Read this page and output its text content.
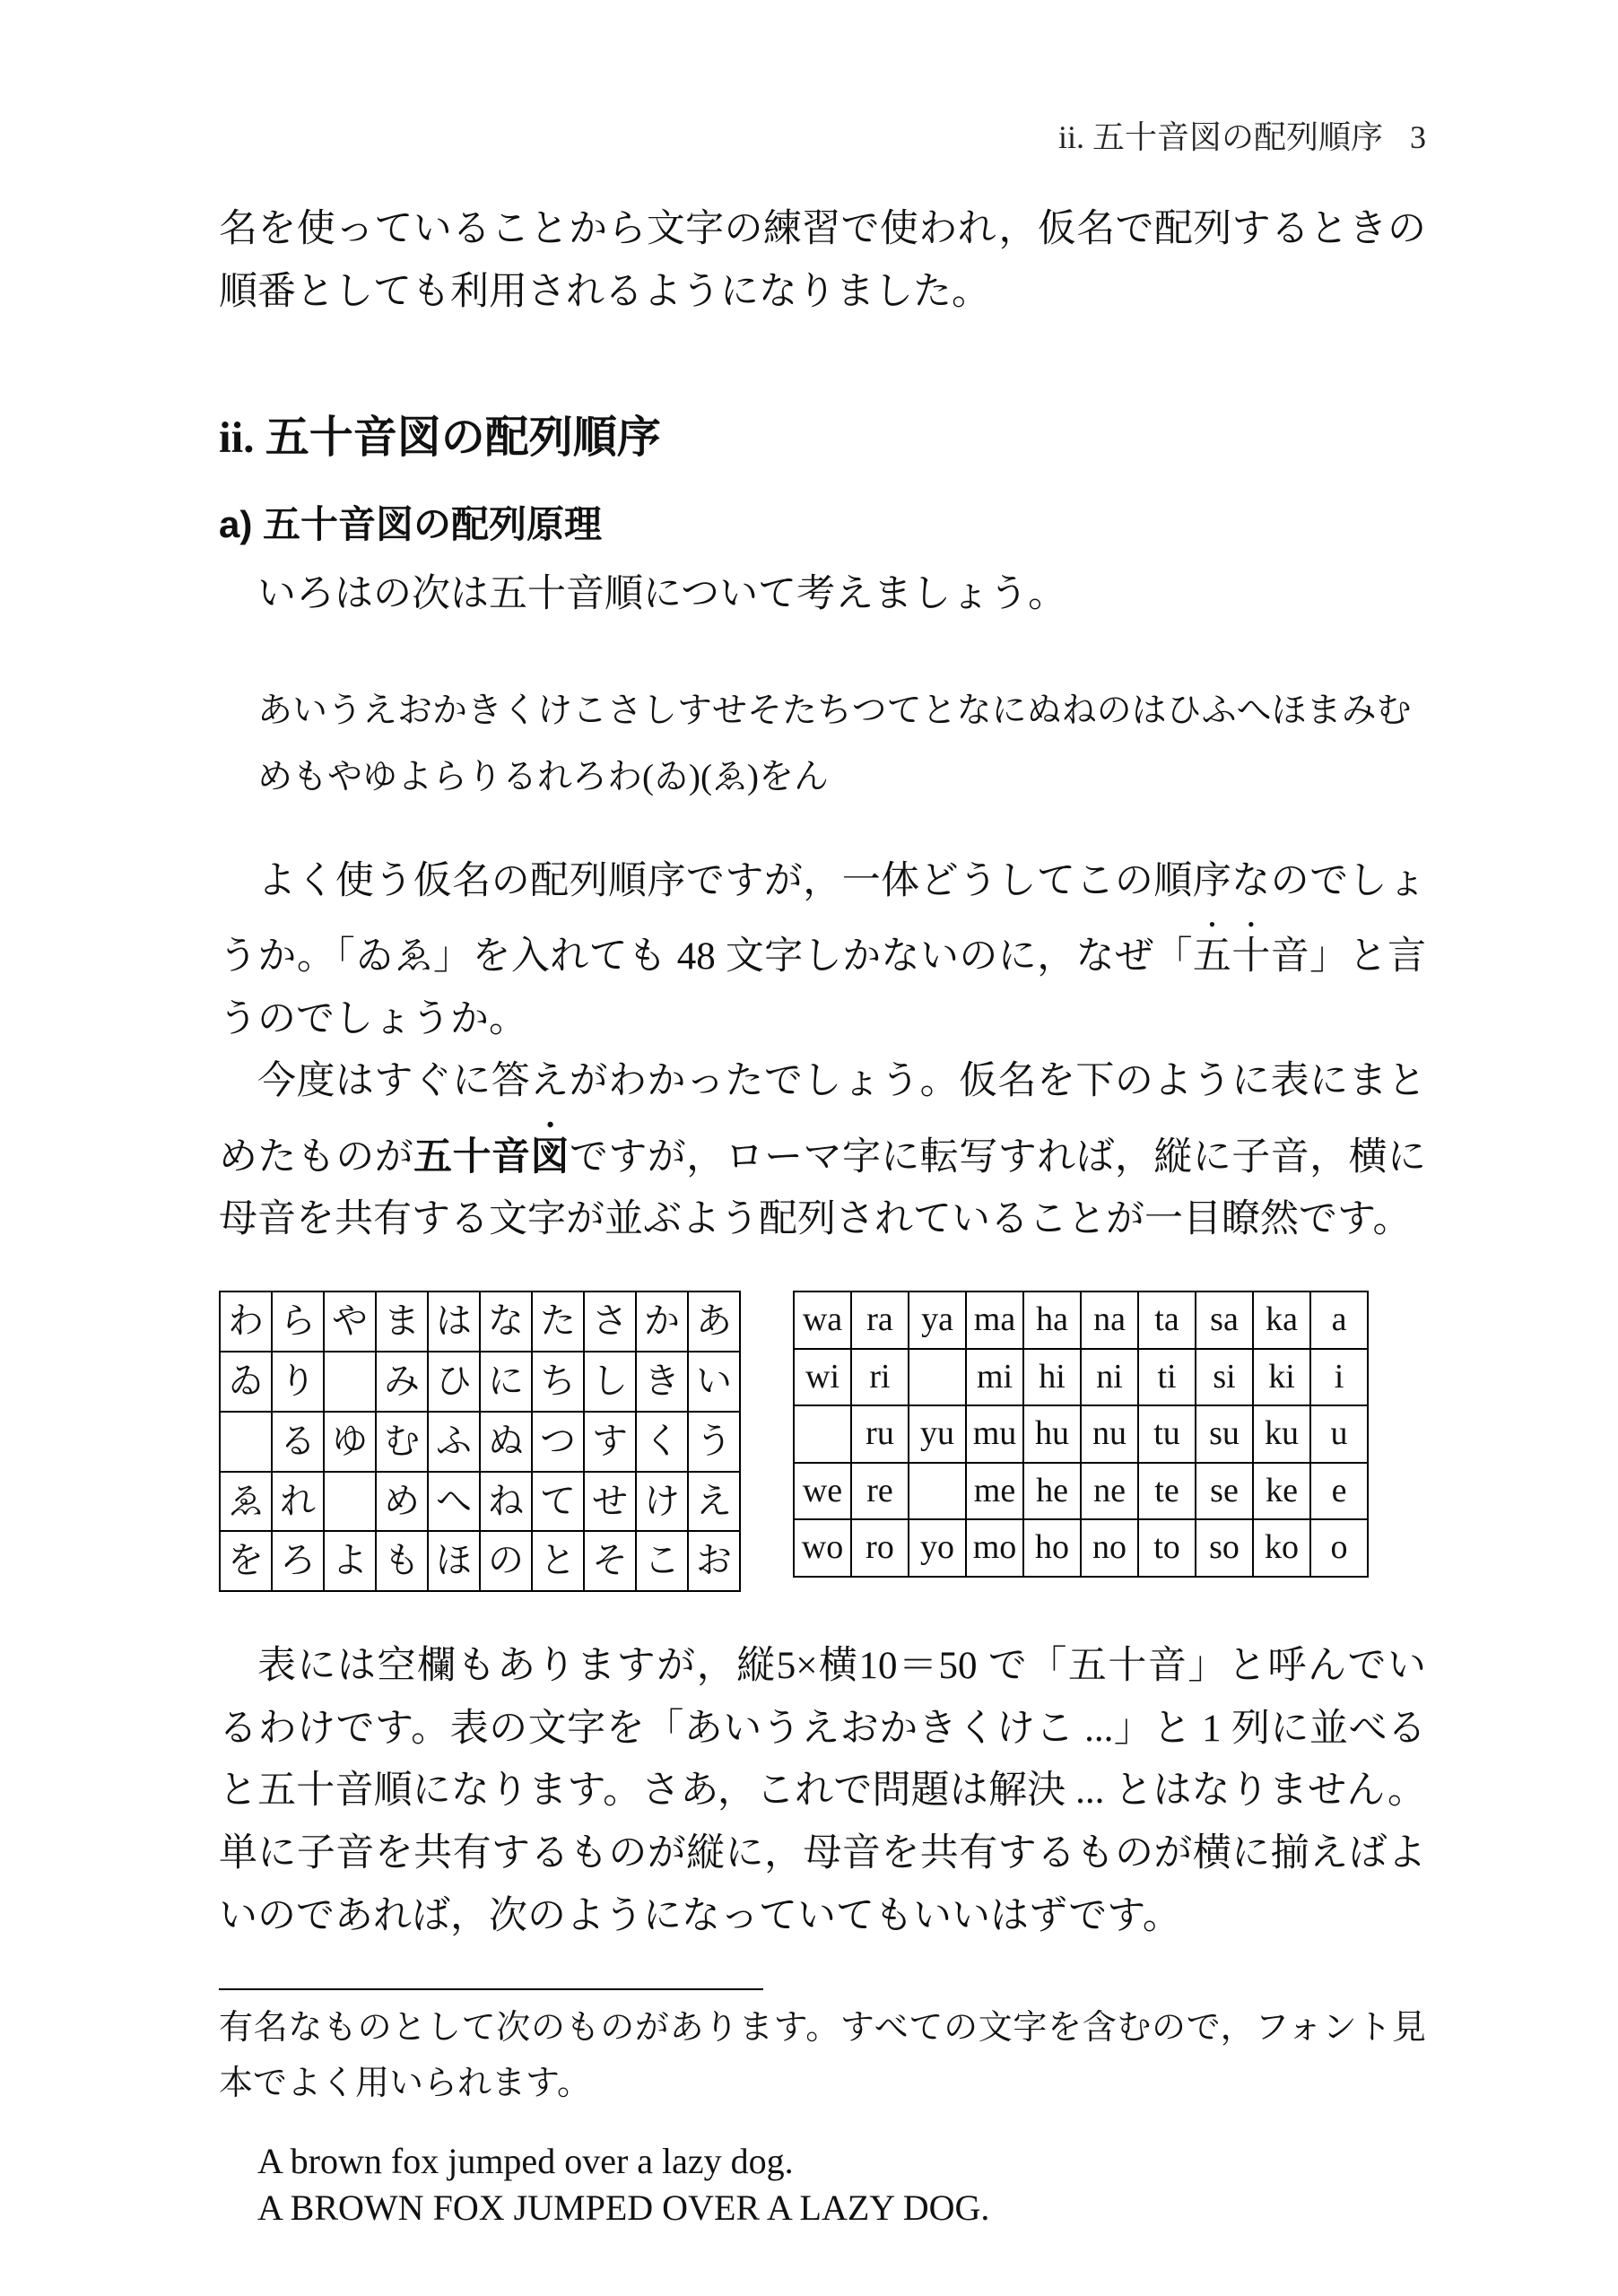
ii. 五十音図の配列順序 3

名を使っていることから文字の練習で使われ，仮名で配列するときの順番としても利用されるようになりました。

ii. 五十音図の配列順序
a) 五十音図の配列原理

いろはの次は五十音順について考えましょう。

あいうえおかきくけこさしすせそたちつてとなにぬねのはひふへほまみむめもやゆよらりるれろわ(ゐ)(ゑ)をん

よく使う仮名の配列順序ですが，一体どうしてこの順序なのでしょうか。「ゐゑ」を入れても 48 文字しかないのに，なぜ「五十音」と言うのでしょうか。

今度はすぐに答えがわかったでしょう。仮名を下のように表にまとめたものが五十音図ですが，ローマ字に転写すれば，縦に子音，横に母音を共有する文字が並ぶよう配列されていることが一目瞭然です。

わ	ら	や	ま	は	な	た	さ	か	あ
ゐ	り		み	ひ	に	ち	し	き	い
	る	ゆ	む	ふ	ぬ	つ	す	く	う
ゑ	れ		め	へ	ね	て	せ	け	え
を	ろ	よ	も	ほ	の	と	そ	こ	お
wa	ra	ya	ma	ha	na	ta	sa	ka	a
wi	ri		mi	hi	ni	ti	si	ki	i
	ru	yu	mu	hu	nu	tu	su	ku	u
we	re		me	he	ne	te	se	ke	e
wo	ro	yo	mo	ho	no	to	so	ko	o

表には空欄もありますが，縦5×横10＝50 で「五十音」と呼んでいるわけです。表の文字を「あいうえおかきくけこ ...」と 1 列に並べると五十音順になります。さあ，これで問題は解決 ... とはなりません。単に子音を共有するものが縦に，母音を共有するものが横に揃えばよいのであれば，次のようになっていてもいいはずです。

有名なものとして次のものがあります。すべての文字を含むので，フォント見本でよく用いられます。

A brown fox jumped over a lazy dog.
A BROWN FOX JUMPED OVER A LAZY DOG.
